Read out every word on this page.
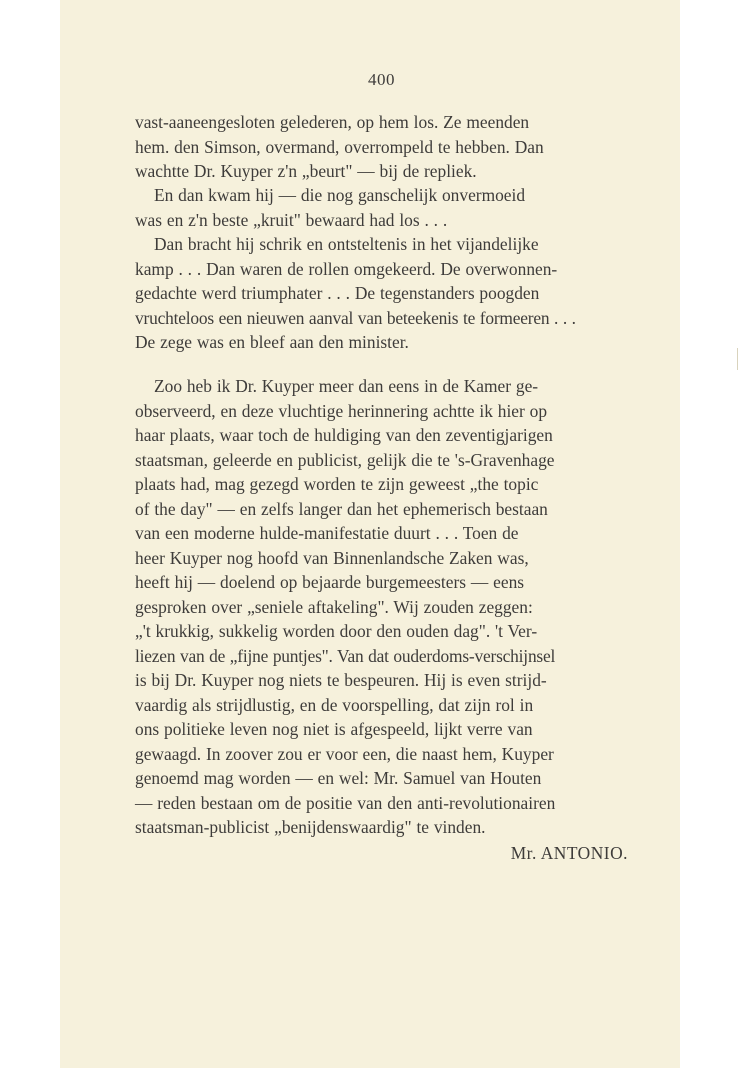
400

vast-aaneengesloten gelederen, op hem los. Ze meenden
hem. den Simson, overmand, overrompeld te hebben. Dan
wachtte Dr. Kuyper z'n „beurt" — bij de repliek.

En dan kwam hij — die nog ganschelijk onvermoeid
was en z'n beste „kruit" bewaard had los . . .

Dan bracht hij schrik en ontsteltenis in het vijandelijke
kamp . . . Dan waren de rollen omgekeerd. De overwonnen-
gedachte werd triumphater . . . De tegenstanders poogden
vruchteloos een nieuwen aanval van beteekenis te formeeren . . .
De zege was en bleef aan den minister.

Zoo heb ik Dr. Kuyper meer dan eens in de Kamer ge-
observeerd, en deze vluchtige herinnering achtte ik hier op
haar plaats, waar toch de huldiging van den zeventigjarigen
staatsman, geleerde en publicist, gelijk die te 's-Gravenhage
plaats had, mag gezegd worden te zijn geweest „the topic
of the day" — en zelfs langer dan het ephemerisch bestaan
van een moderne hulde-manifestatie duurt . . . Toen de
heer Kuyper nog hoofd van Binnenlandsche Zaken was,
heeft hij — doelend op bejaarde burgemeesters — eens
gesproken over „seniele aftakeling". Wij zouden zeggen:
„'t krukkig, sukkelig worden door den ouden dag". 't Ver-
liezen van de „fijne puntjes". Van dat ouderdoms-verschijnsel
is bij Dr. Kuyper nog niets te bespeuren. Hij is even strijd-
vaardig als strijdlustig, en de voorspelling, dat zijn rol in
ons politieke leven nog niet is afgespeeld, lijkt verre van
gewaagd. In zoover zou er voor een, die naast hem, Kuyper
genoemd mag worden — en wel: Mr. Samuel van Houten
— reden bestaan om de positie van den anti-revolutionairen
staatsman-publicist „benijdenswaardig" te vinden.

Mr. ANTONIO.
